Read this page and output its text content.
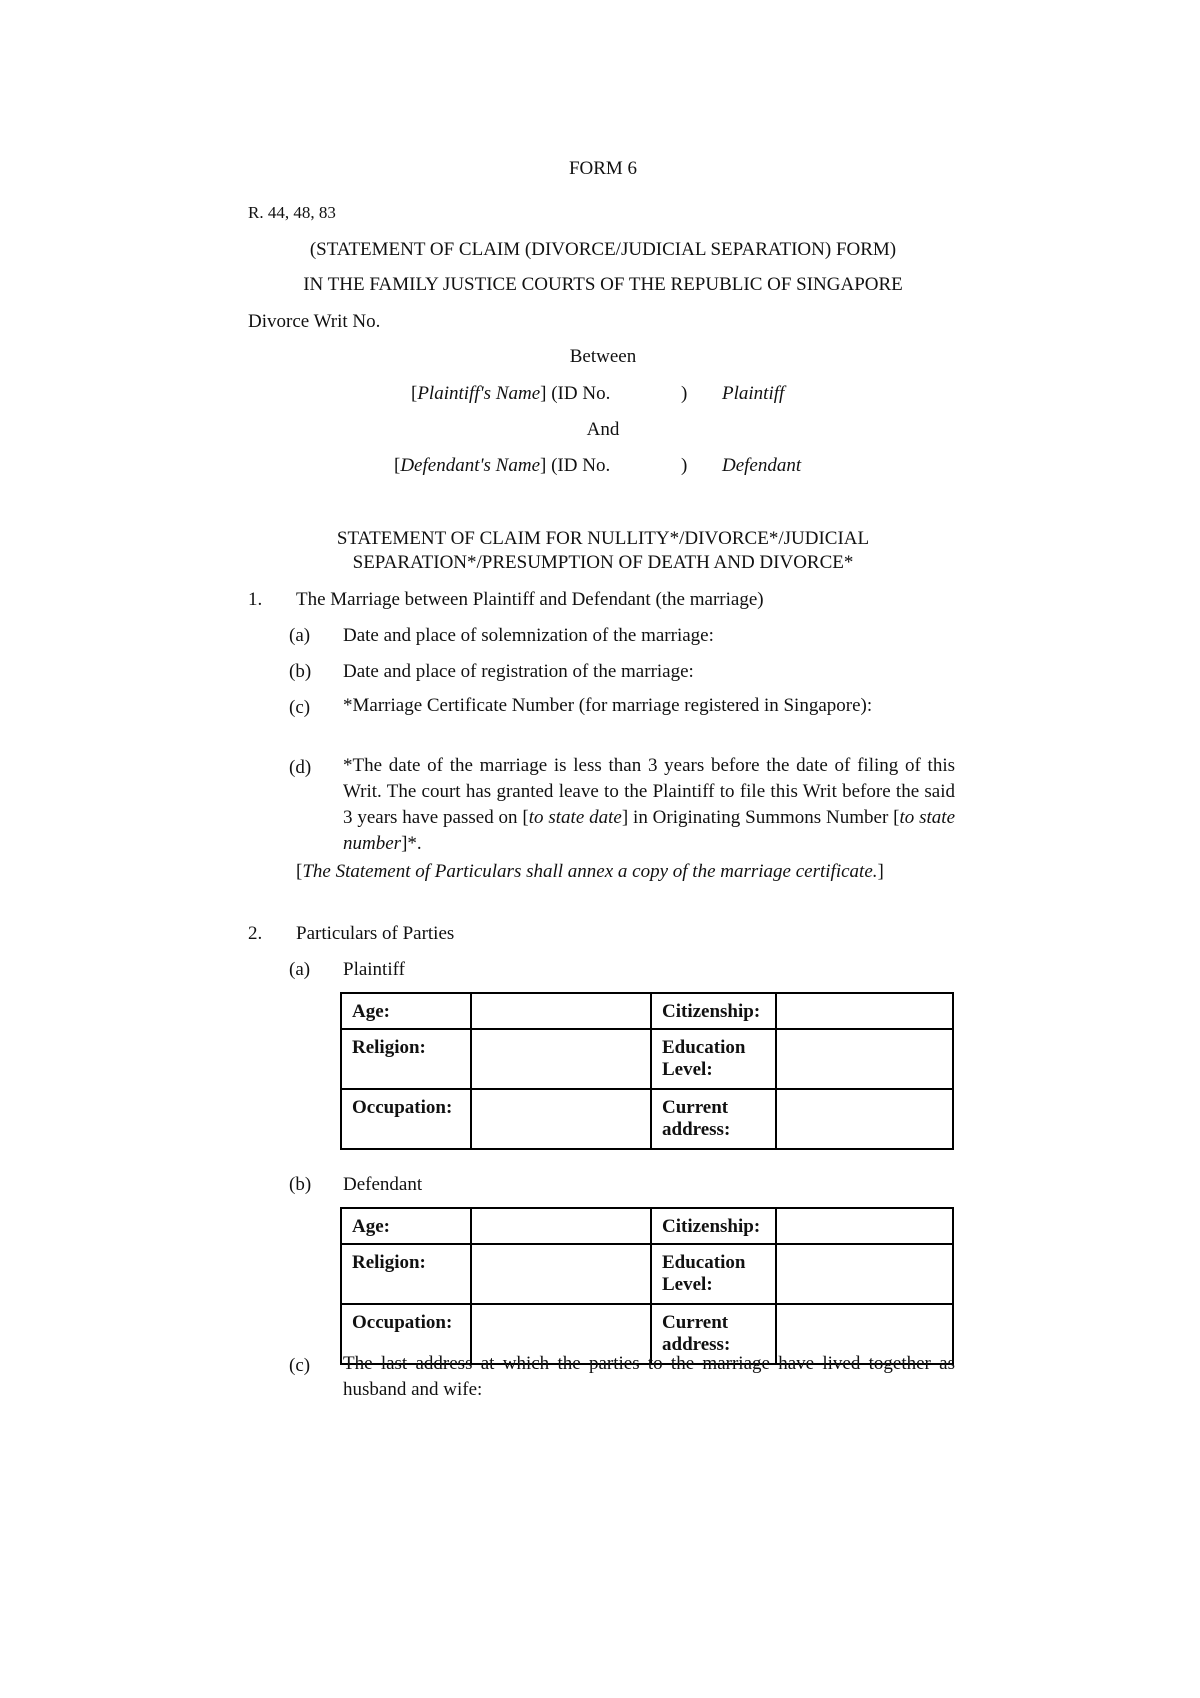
FORM 6
R. 44, 48, 83
(STATEMENT OF CLAIM (DIVORCE/JUDICIAL SEPARATION) FORM)
IN THE FAMILY JUSTICE COURTS OF THE REPUBLIC OF SINGAPORE
Divorce Writ No.
Between
[Plaintiff's Name] (ID No.	) Plaintiff
And
[Defendant's Name] (ID No.	) Defendant
STATEMENT OF CLAIM FOR NULLITY*/DIVORCE*/JUDICIAL
SEPARATION*/PRESUMPTION OF DEATH AND DIVORCE*
1. The Marriage between Plaintiff and Defendant (the marriage)
(a) Date and place of solemnization of the marriage:
(b) Date and place of registration of the marriage:
(c) *Marriage Certificate Number (for marriage registered in Singapore):
(d) *The date of the marriage is less than 3 years before the date of filing of this Writ. The court has granted leave to the Plaintiff to file this Writ before the said 3 years have passed on [to state date] in Originating Summons Number [to state number]*.
[The Statement of Particulars shall annex a copy of the marriage certificate.]
2. Particulars of Parties
(a) Plaintiff
Age:		Citizenship:	
Religion:		Education Level:	
Occupation:		Current address:	
(b) Defendant
Age:		Citizenship:	
Religion:		Education Level:	
Occupation:		Current address:	
(c) The last address at which the parties to the marriage have lived together as husband and wife:
